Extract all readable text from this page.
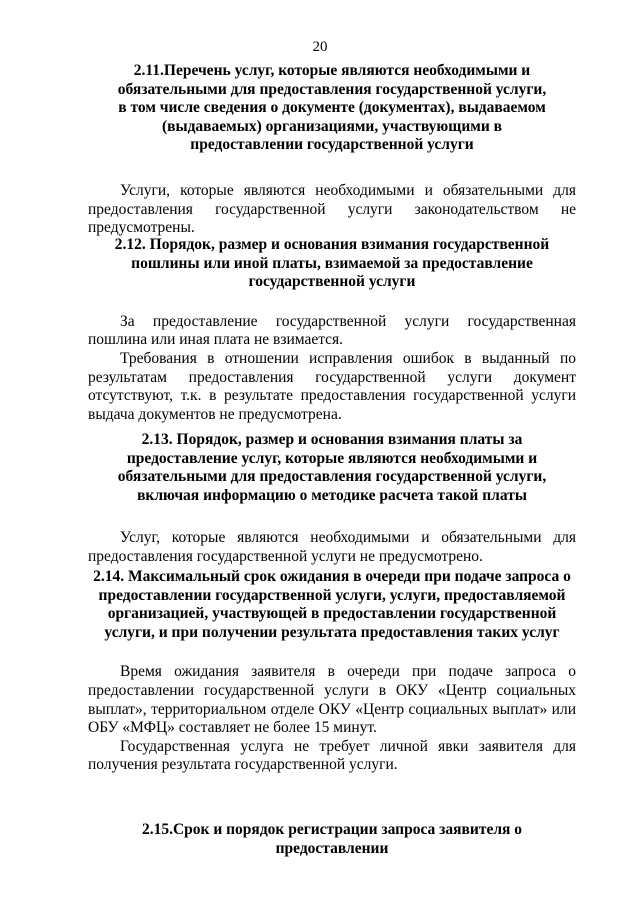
20

2.11.Перечень услуг, которые являются необходимыми и обязательными для предоставления государственной услуги, в том числе сведения о документе (документах), выдаваемом (выдаваемых) организациями, участвующими в предоставлении государственной услуги

Услуги, которые являются необходимыми и обязательными для предоставления государственной услуги законодательством не предусмотрены.

2.12. Порядок, размер и основания взимания государственной пошлины или иной платы, взимаемой за предоставление государственной услуги

За предоставление государственной услуги государственная пошлина или иная плата не взимается.

Требования в отношении исправления ошибок в выданный по результатам предоставления государственной услуги документ отсутствуют, т.к. в результате предоставления государственной услуги выдача документов не предусмотрена.

2.13. Порядок, размер и основания взимания платы за предоставление услуг, которые являются необходимыми и обязательными для предоставления государственной услуги, включая информацию о методике расчета такой платы

Услуг, которые являются необходимыми и обязательными для предоставления государственной услуги не предусмотрено.

2.14. Максимальный срок ожидания в очереди при подаче запроса о предоставлении государственной услуги, услуги, предоставляемой организацией, участвующей в предоставлении государственной услуги, и при получении результата предоставления таких услуг

Время ожидания заявителя в очереди при подаче запроса о предоставлении государственной услуги в ОКУ «Центр социальных выплат», территориальном отделе ОКУ «Центр социальных выплат» или ОБУ «МФЦ» составляет не более 15 минут.

Государственная услуга не требует личной явки заявителя для получения результата государственной услуги.

2.15.Срок и порядок регистрации запроса заявителя о предоставлении
